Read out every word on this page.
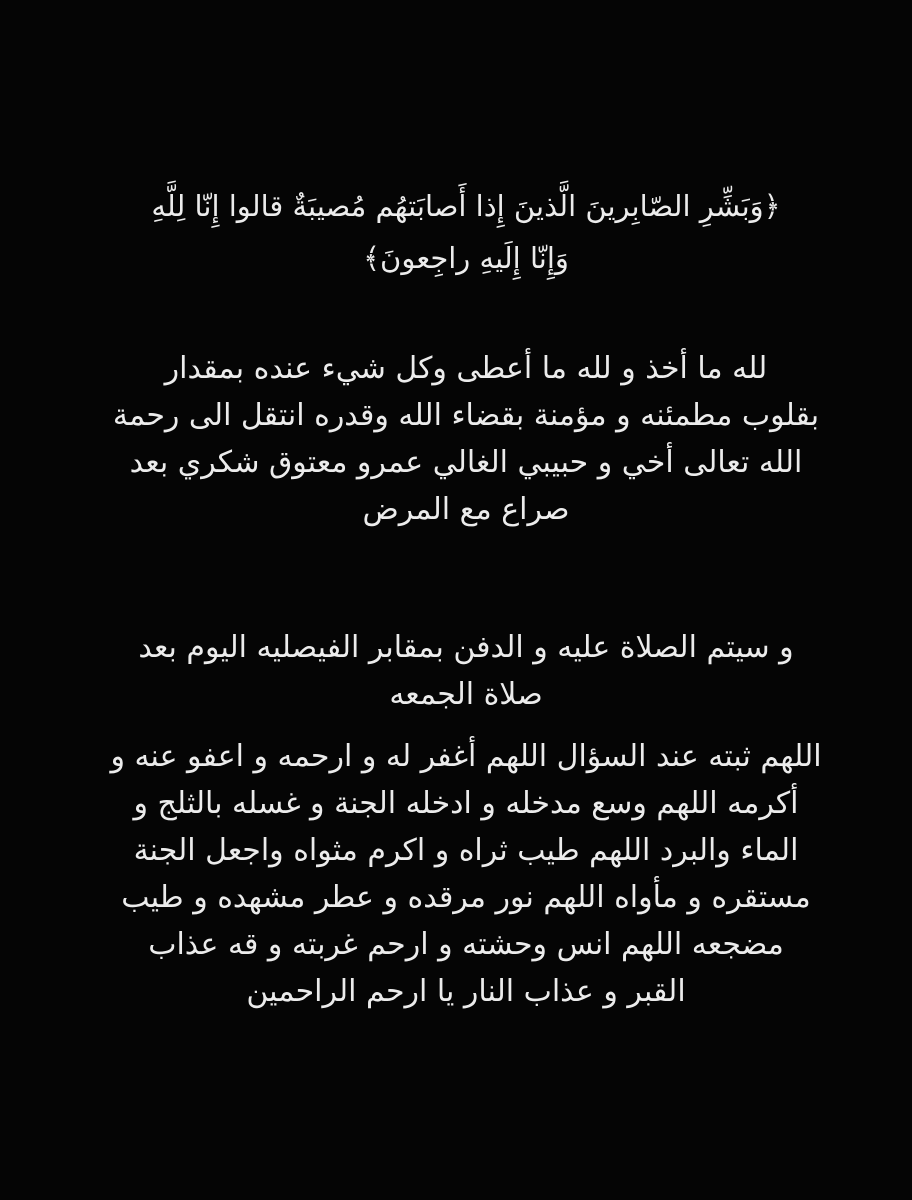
﴿وَبَشِّرِ الصّابِرينَ الَّذينَ إِذا أَصابَتهُم مُصيبَةٌ قالوا إِنّا لِلَّهِ
وَإِنّا إِلَيهِ راجِعونَ﴾
لله ما أخذ و لله ما أعطى وكل شيء عنده بمقدار
بقلوب مطمئنه و مؤمنة بقضاء الله وقدره انتقل الى رحمة
الله تعالى أخي و حبيبي الغالي عمرو معتوق شكري بعد
صراع مع المرض
و سيتم الصلاة عليه و الدفن بمقابر الفيصليه اليوم بعد
صلاة الجمعه
اللهم ثبته عند السؤال اللهم أغفر له و ارحمه و اعفو عنه و
أكرمه اللهم وسع مدخله و ادخله الجنة و غسله بالثلج و
الماء والبرد اللهم طيب ثراه و اكرم مثواه واجعل الجنة
مستقره و مأواه اللهم نور مرقده و عطر مشهده و طيب
مضجعه اللهم انس وحشته و ارحم غربته و قه عذاب
القبر و عذاب النار يا ارحم الراحمين
